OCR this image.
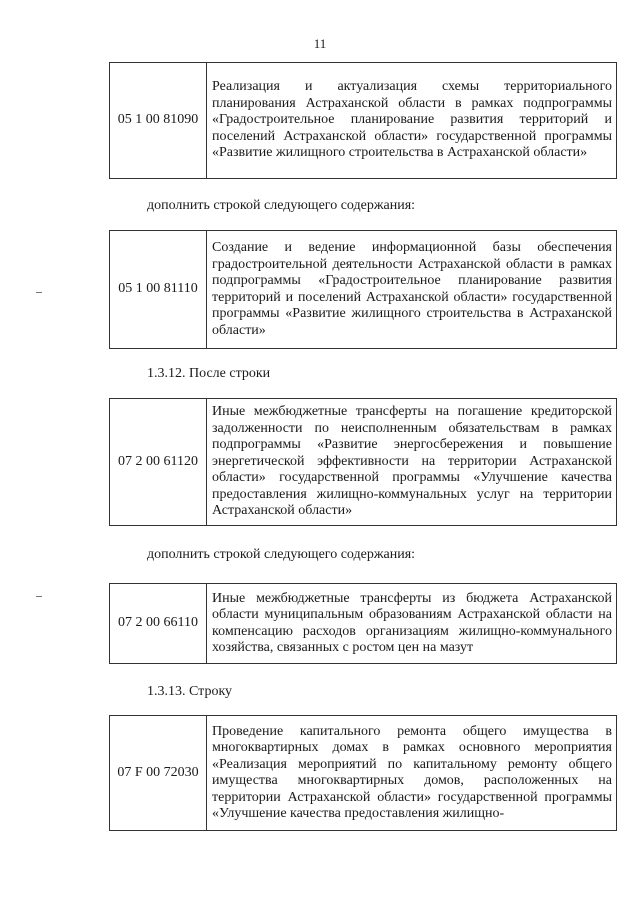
11
05 1 00 81090	Реализация и актуализация схемы территориального планирования Астраханской области в рамках подпрограммы «Градостроительное планирование развития территорий и поселений Астраханской области» государственной программы «Развитие жилищного строительства в Астраханской области»
дополнить строкой следующего содержания:
05 1 00 81110	Создание и ведение информационной базы обеспечения градостроительной деятельности Астраханской области в рамках подпрограммы «Градостроительное планирование развития территорий и поселений Астраханской области» государственной программы «Развитие жилищного строительства в Астраханской области»
1.3.12. После строки
07 2 00 61120	Иные межбюджетные трансферты на погашение кредиторской задолженности по неисполненным обязательствам в рамках подпрограммы «Развитие энергосбережения и повышение энергетической эффективности на территории Астраханской области» государственной программы «Улучшение качества предоставления жилищно-коммунальных услуг на территории Астраханской области»
дополнить строкой следующего содержания:
07 2 00 66110	Иные межбюджетные трансферты из бюджета Астраханской области муниципальным образованиям Астраханской области на компенсацию расходов организациям жилищно-коммунального хозяйства, связанных с ростом цен на мазут
1.3.13. Строку
07 F 00 72030	Проведение капитального ремонта общего имущества в многоквартирных домах в рамках основного мероприятия «Реализация мероприятий по капитальному ремонту общего имущества многоквартирных домов, расположенных на территории Астраханской области» государственной программы «Улучшение качества предоставления жилищно-
